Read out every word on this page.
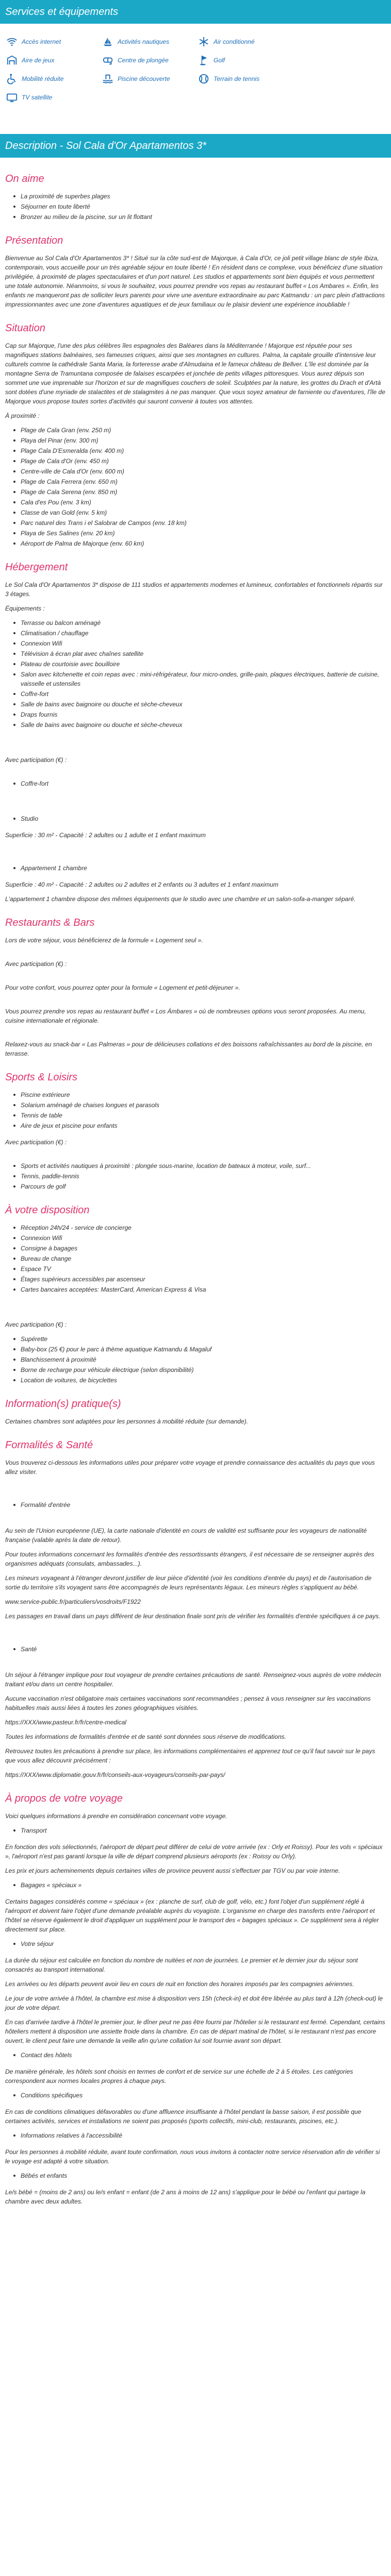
Services et équipements
Accès internet	Activités nautiques	Air conditionné
Aire de jeux	Centre de plongée	Golf
Mobilité réduite	Piscine découverte	Terrain de tennis
TV satellite
Description - Sol Cala d'Or Apartamentos 3*
On aime
La proximité de superbes plages
Séjourner en toute liberté
Bronzer au milieu de la piscine, sur un lit flottant
Présentation

Bienvenue au Sol Cala d'Or Apartamentos 3* ! Situé sur la côte sud-est de Majorque, à Cala d'Or, ce joli petit village blanc de style Ibiza, contemporain, vous accueille pour un très agréable séjour en toute liberté ! En résident dans ce complexe, vous bénéficiez d'une situation privilégiée, à proximité de plages spectaculaires et d'un port naturel. Les studios et appartements sont bien équipés et vous permettent une totale autonomie. Néanmoins, si vous le souhaitez, vous pourrez prendre vos repas au restaurant buffet « Los Ambares ». Enfin, les enfants ne manqueront pas de solliciter leurs parents pour vivre une aventure extraordinaire au parc Katmandu : un parc plein d'attractions impressionnantes avec une zone d'aventures aquatiques et de jeux familiaux ou le plaisir devient une expérience inoubliable !

Situation

Cap sur Majorque, l'une des plus célèbres îles espagnoles des Baléares dans la Méditerranée ! Majorque est réputée pour ses magnifiques stations balnéaires, ses fameuses criques, ainsi que ses montagnes en cultures. Palma, la capitale grouille d'intensive leur culturels comme la cathédrale Santa Maria, la forteresse arabe d'Almudaina et le fameux château de Bellver. L'île est dominée par la montagne Serra de Tramuntana composée de falaises escarpées et jonchée de petits villages pittoresques. Vous aurez dépuis son sommet une vue imprenable sur l'horizon et sur de magnifiques couchers de soleil. Sculptées par la nature, les grottes du Drach et d'Artà sont dotées d'une myriade de stalactites et de stalagmites à ne pas manquer. Que vous soyez amateur de farniente ou d'aventures, l'île de Majorque vous propose toutes sortes d'activités qui sauront convenir à toutes vos attentes.

À proximité :

Plage de Cala Gran (env. 250 m)
Playa del Pinar (env. 300 m)
Plage Cala D'Esmeralda (env. 400 m)
Plage de Cala d'Or (env. 450 m)
Centre-ville de Cala d'Or (env. 600 m)
Plage de Cala Ferrera (env. 650 m)
Plage de Cala Serena (env. 850 m)
Cala d'es Pou (env. 3 km)
Classe de van Gold (env. 5 km)
Parc naturel des Trans i el Salobrar de Campos (env. 18 km)
Playa de Ses Salines (env. 20 km)
Aéroport de Palma de Majorque (env. 60 km)
Hébergement

Le Sol Cala d'Or Apartamentos 3* dispose de 111 studios et appartements modernes et lumineux, confortables et fonctionnels répartis sur 3 étages.

Équipements :

Terrasse ou balcon aménagé
Climatisation / chauffage
Connexion Wifi
Télévision à écran plat avec chaînes satellite
Plateau de courtoisie avec bouilloire
Salon avec kitchenette et coin repas avec : mini-réfrigérateur, four micro-ondes, grille-pain, plaques électriques, batterie de cuisine, vaisselle et ustensiles
Coffre-fort
Salle de bains avec baignoire ou douche et sèche-cheveux
Draps fournis
Salle de bains avec baignoire ou douche et sèche-cheveux

Avec participation (€) :

Coffre-fort
Studio

Superficie : 30 m² - Capacité : 2 adultes ou 1 adulte et 1 enfant maximum

Appartement 1 chambre

Superficie : 40 m² - Capacité : 2 adultes ou 2 adultes et 2 enfants ou 3 adultes et 1 enfant maximum

L'appartement 1 chambre dispose des mêmes équipements que le studio avec une chambre et un salon-sofa-a-manger séparé.

Restaurants & Bars

Lors de votre séjour, vous bénéficierez de la formule « Logement seul ».

Avec participation (€) :

Pour votre confort, vous pourrez opter pour la formule « Logement et petit-déjeuner ».

Vous pourrez prendre vos repas au restaurant buffet « Los Ámbares » où de nombreuses options vous seront proposées. Au menu, cuisine internationale et régionale.

Relaxez-vous au snack-bar « Las Palmeras » pour de délicieuses collations et des boissons rafraîchissantes au bord de la piscine, en terrasse.

Sports & Loisirs
Piscine extérieure
Solarium aménagé de chaises longues et parasols
Tennis de table
Aire de jeux et piscine pour enfants

Avec participation (€) :

Sports et activités nautiques à proximité : plongée sous-marine, location de bateaux à moteur, voile, surf...
Tennis, paddle-tennis
Parcours de golf
À votre disposition
Réception 24h/24 - service de concierge
Connexion Wifi
Consigne à bagages
Bureau de change
Espace TV
Étages supérieurs accessibles par ascenseur
Cartes bancaires acceptées: MasterCard, American Express & Visa

Avec participation (€) :

Supérette
Baby-box (25 €) pour le parc à thème aquatique Katmandu & Magaluf
Blanchissement à proximité
Borne de recharge pour véhicule électrique (selon disponibilité)
Location de voitures, de bicyclettes
Information(s) pratique(s)

Certaines chambres sont adaptées pour les personnes à mobilité réduite (sur demande).

Formalités & Santé

Vous trouverez ci-dessous les informations utiles pour préparer votre voyage et prendre connaissance des actualités du pays que vous allez visiter.

Formalité d'entrée

Au sein de l'Union européenne (UE), la carte nationale d'identité en cours de validité est suffisante pour les voyageurs de nationalité française (valable après la date de retour).

Pour toutes informations concernant les formalités d'entrée des ressortissants étrangers, il est nécessaire de se renseigner auprès des organismes adéquats (consulats, ambassades...).

Les mineurs voyageant à l'étranger devront justifier de leur pièce d'identité (voir les conditions d'entrée du pays) et de l'autorisation de sortie du territoire s'ils voyagent sans être accompagnés de leurs représentants légaux. Les mineurs règles s'appliquent au bébé.

www.service-public.fr/particuliers/vosdroits/F1922

Les passages en travail dans un pays différent de leur destination finale sont pris de vérifier les formalités d'entrée spécifiques à ce pays.

Santé

Un séjour à l'étranger implique pour tout voyageur de prendre certaines précautions de santé. Renseignez-vous auprès de votre médecin traitant et/ou dans un centre hospitalier.

Aucune vaccination n'est obligatoire mais certaines vaccinations sont recommandées ; pensez à vous renseigner sur les vaccinations habituelles mais aussi liées à toutes les zones géographiques visitées.

https://XXX/www.pasteur.fr/fr/centre-medical

Toutes les informations de formalités d'entrée et de santé sont données sous réserve de modifications.

Retrouvez toutes les précautions à prendre sur place, les informations complémentaires et apprenez tout ce qu'il faut savoir sur le pays que vous allez découvrir précisément :

https://XXX/www.diplomatie.gouv.fr/fr/conseils-aux-voyageurs/conseils-par-pays/

À propos de votre voyage

Voici quelques informations à prendre en considération concernant votre voyage.

Transport

En fonction des vols sélectionnés, l'aéroport de départ peut différer de celui de votre arrivée (ex : Orly et Roissy). Pour les vols « spéciaux », l'aéroport n'est pas garanti lorsque la ville de départ comprend plusieurs aéroports (ex : Roissy ou Orly).

Les prix et jours acheminements depuis certaines villes de province peuvent aussi s'effectuer par TGV ou par voie interne.

Bagages « spéciaux »

Certains bagages considérés comme « spéciaux » (ex : planche de surf, club de golf, vélo, etc.) font l'objet d'un supplément réglé à l'aéroport et doivent faire l'objet d'une demande préalable auprès du voyagiste. L'organisme en charge des transferts entre l'aéroport et l'hôtel se réserve également le droit d'appliquer un supplément pour le transport des « bagages spéciaux ». Ce supplément sera à régler directement sur place.

Votre séjour

La durée du séjour est calculée en fonction du nombre de nuitées et non de journées. Le premier et le dernier jour du séjour sont consacrés au transport international.

Les arrivées ou les départs peuvent avoir lieu en cours de nuit en fonction des horaires imposés par les compagnies aériennes.

Le jour de votre arrivée à l'hôtel, la chambre est mise à disposition vers 15h (check-in) et doit être libérée au plus tard à 12h (check-out) le jour de votre départ.

En cas d'arrivée tardive à l'hôtel le premier jour, le dîner peut ne pas être fourni par l'hôtelier si le restaurant est fermé. Cependant, certains hôteliers mettent à disposition une assiette froide dans la chambre. En cas de départ matinal de l'hôtel, si le restaurant n'est pas encore ouvert, le client peut faire une demande la veille afin qu'une collation lui soit fournie avant son départ.

Contact des hôtels

De manière générale, les hôtels sont choisis en termes de confort et de service sur une échelle de 2 à 5 étoiles. Les catégories correspondent aux normes locales propres à chaque pays.

Conditions spécifiques

En cas de conditions climatiques défavorables ou d'une affluence insuffisante à l'hôtel pendant la basse saison, il est possible que certaines activités, services et installations ne soient pas proposés (sports collectifs, mini-club, restaurants, piscines, etc.).

Informations relatives à l'accessibilité

Pour les personnes à mobilité réduite, avant toute confirmation, nous vous invitons à contacter notre service réservation afin de vérifier si le voyage est adapté à votre situation.

Bébés et enfants

Le/s bébé = (moins de 2 ans) ou le/s enfant = enfant (de 2 ans à moins de 12 ans) s'applique pour le bébé ou l'enfant qui partage la chambre avec deux adultes.
